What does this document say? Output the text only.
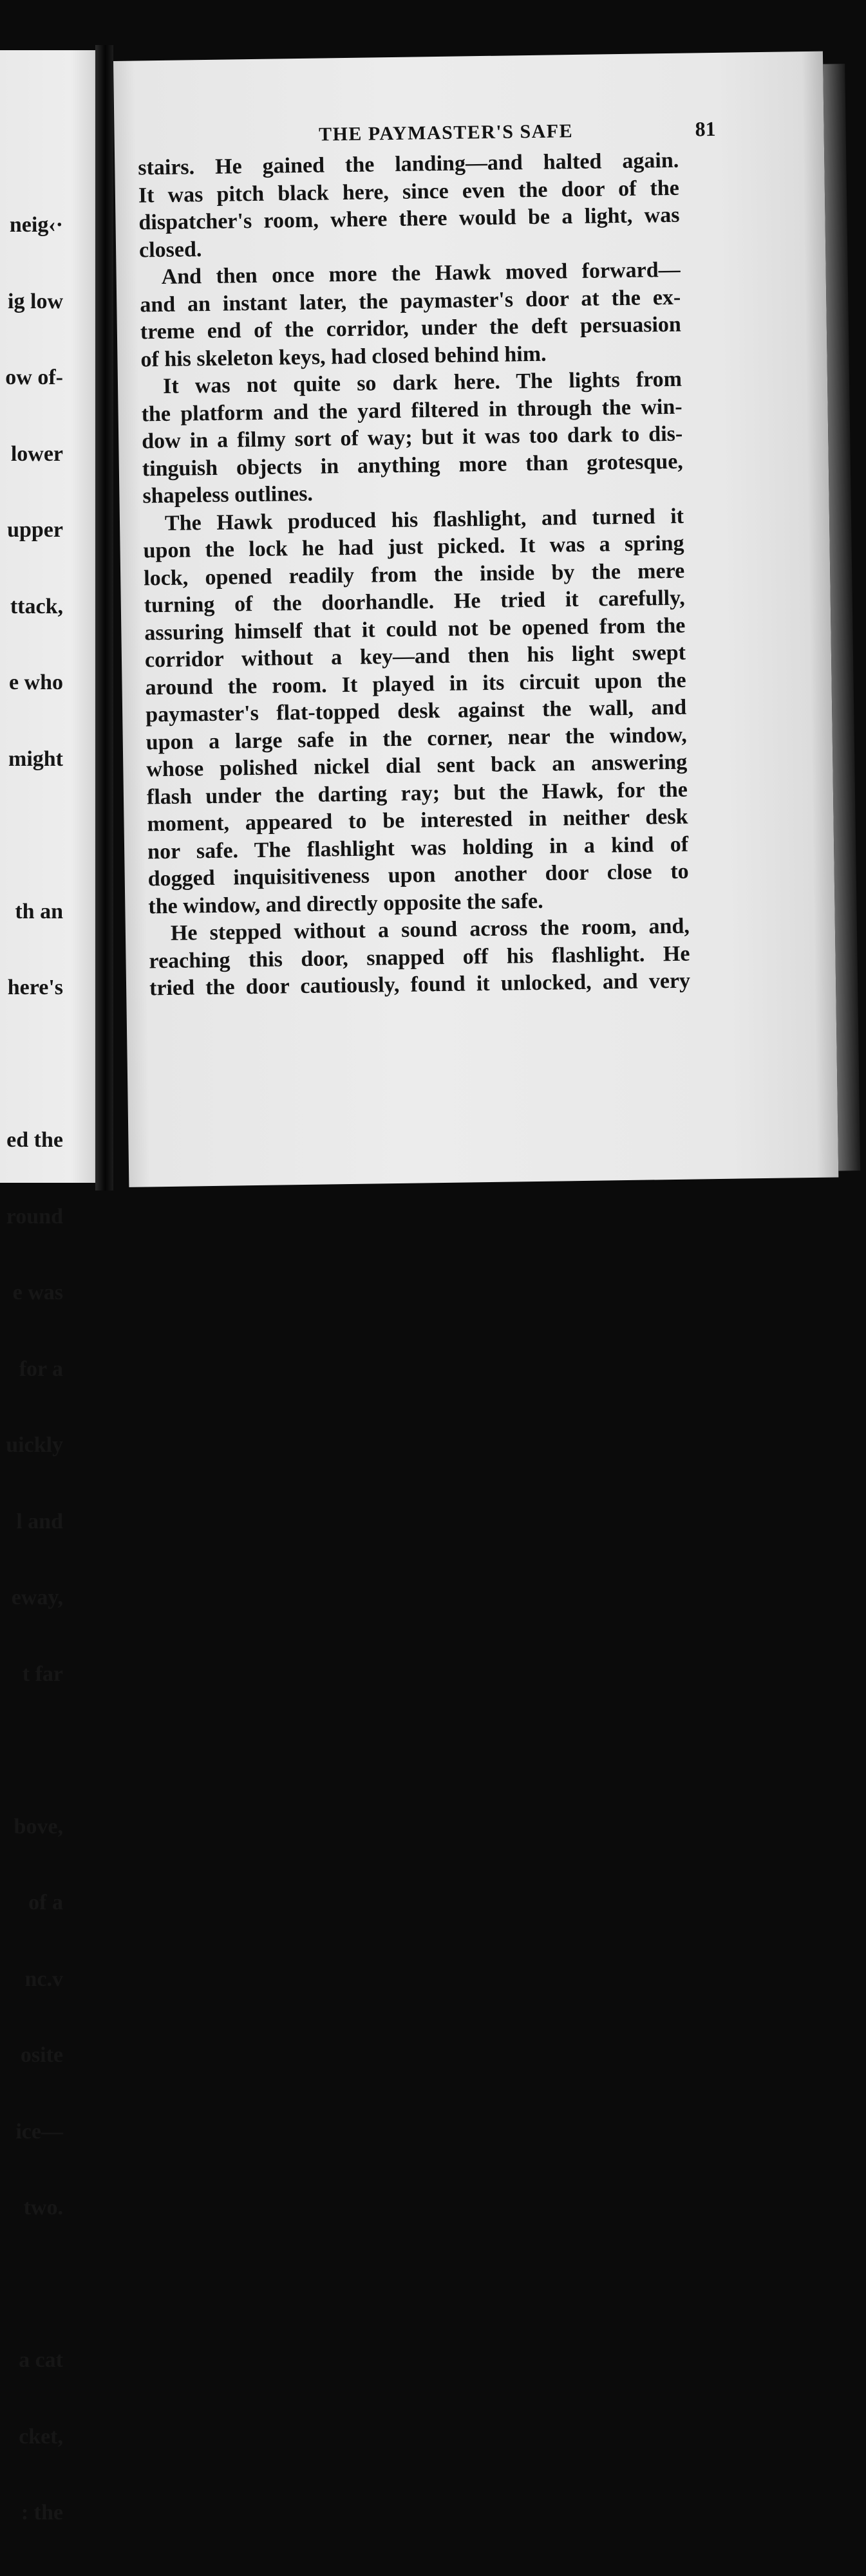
neig‹·

ig low

ow of-

lower

upper

ttack,

e who

might

th an

here's

ed the

round

e was

for a

uickly

l and

eway,

t far

bove,

of a

nc.v

osite

ice—

two.

a cat

cket,

: the

THE PAYMASTER'S SAFE	81
stairs. He gained the landing—and halted again.
It was pitch black here, since even the door of the
dispatcher's room, where there would be a light, was
closed.
And then once more the Hawk moved forward—
and an instant later, the paymaster's door at the ex-
treme end of the corridor, under the deft persuasion
of his skeleton keys, had closed behind him.
It was not quite so dark here. The lights from
the platform and the yard filtered in through the win-
dow in a filmy sort of way; but it was too dark to dis-
tinguish objects in anything more than grotesque,
shapeless outlines.
The Hawk produced his flashlight, and turned it
upon the lock he had just picked. It was a spring
lock, opened readily from the inside by the mere
turning of the doorhandle. He tried it carefully,
assuring himself that it could not be opened from the
corridor without a key—and then his light swept
around the room. It played in its circuit upon the
paymaster's flat-topped desk against the wall, and
upon a large safe in the corner, near the window,
whose polished nickel dial sent back an answering
flash under the darting ray; but the Hawk, for the
moment, appeared to be interested in neither desk
nor safe. The flashlight was holding in a kind of
dogged inquisitiveness upon another door close to
the window, and directly opposite the safe.
He stepped without a sound across the room, and,
reaching this door, snapped off his flashlight. He
tried the door cautiously, found it unlocked, and very
